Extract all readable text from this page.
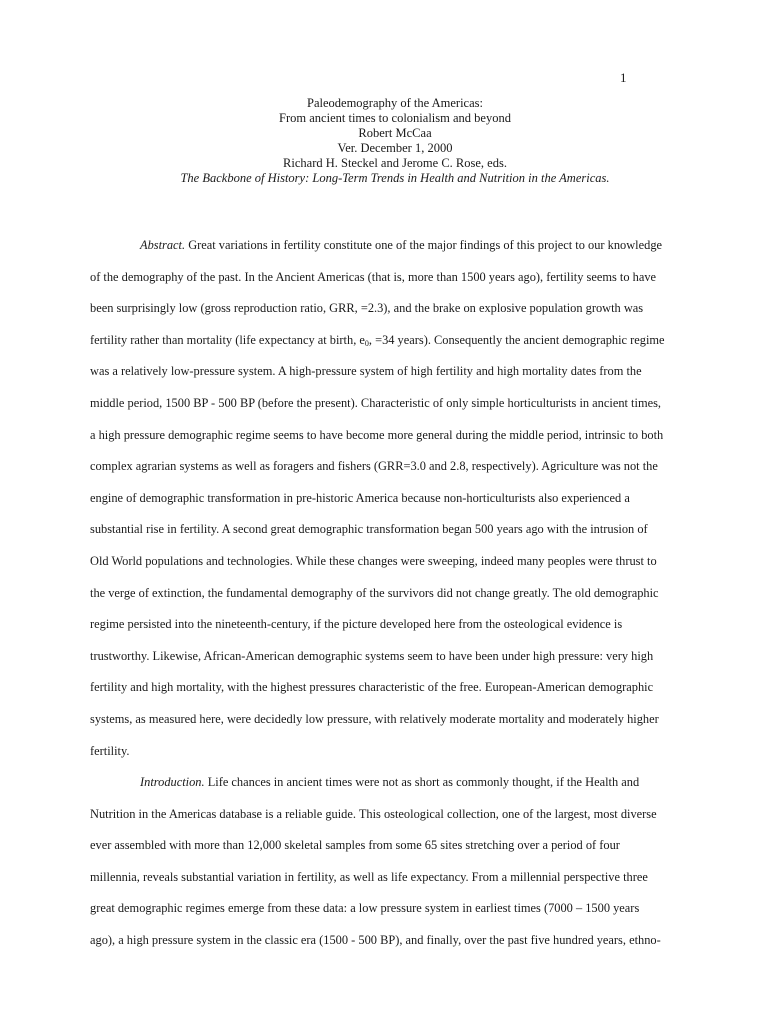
1
Paleodemography of the Americas:
From ancient times to colonialism and beyond
Robert McCaa
Ver. December 1, 2000
Richard H. Steckel and Jerome C. Rose, eds.
The Backbone of History: Long-Term Trends in Health and Nutrition in the Americas.
Abstract. Great variations in fertility constitute one of the major findings of this project to our knowledge
of the demography of the past. In the Ancient Americas (that is, more than 1500 years ago), fertility seems to have
been surprisingly low (gross reproduction ratio, GRR, =2.3), and the brake on explosive population growth was
fertility rather than mortality (life expectancy at birth, $e_0$, =34 years). Consequently the ancient demographic regime
was a relatively low-pressure system. A high-pressure system of high fertility and high mortality dates from the
middle period, 1500 BP - 500 BP (before the present). Characteristic of only simple horticulturists in ancient times,
a high pressure demographic regime seems to have become more general during the middle period, intrinsic to both
complex agrarian systems as well as foragers and fishers (GRR=3.0 and 2.8, respectively). Agriculture was not the
engine of demographic transformation in pre-historic America because non-horticulturists also experienced a
substantial rise in fertility. A second great demographic transformation began 500 years ago with the intrusion of
Old World populations and technologies. While these changes were sweeping, indeed many peoples were thrust to
the verge of extinction, the fundamental demography of the survivors did not change greatly. The old demographic
regime persisted into the nineteenth-century, if the picture developed here from the osteological evidence is
trustworthy. Likewise, African-American demographic systems seem to have been under high pressure: very high
fertility and high mortality, with the highest pressures characteristic of the free. European-American demographic
systems, as measured here, were decidedly low pressure, with relatively moderate mortality and moderately higher
fertility.
Introduction. Life chances in ancient times were not as short as commonly thought, if the Health and
Nutrition in the Americas database is a reliable guide. This osteological collection, one of the largest, most diverse
ever assembled with more than 12,000 skeletal samples from some 65 sites stretching over a period of four
millennia, reveals substantial variation in fertility, as well as life expectancy. From a millennial perspective three
great demographic regimes emerge from these data: a low pressure system in earliest times (7000 – 1500 years
ago), a high pressure system in the classic era (1500 - 500 BP), and finally, over the past five hundred years, ethno-
